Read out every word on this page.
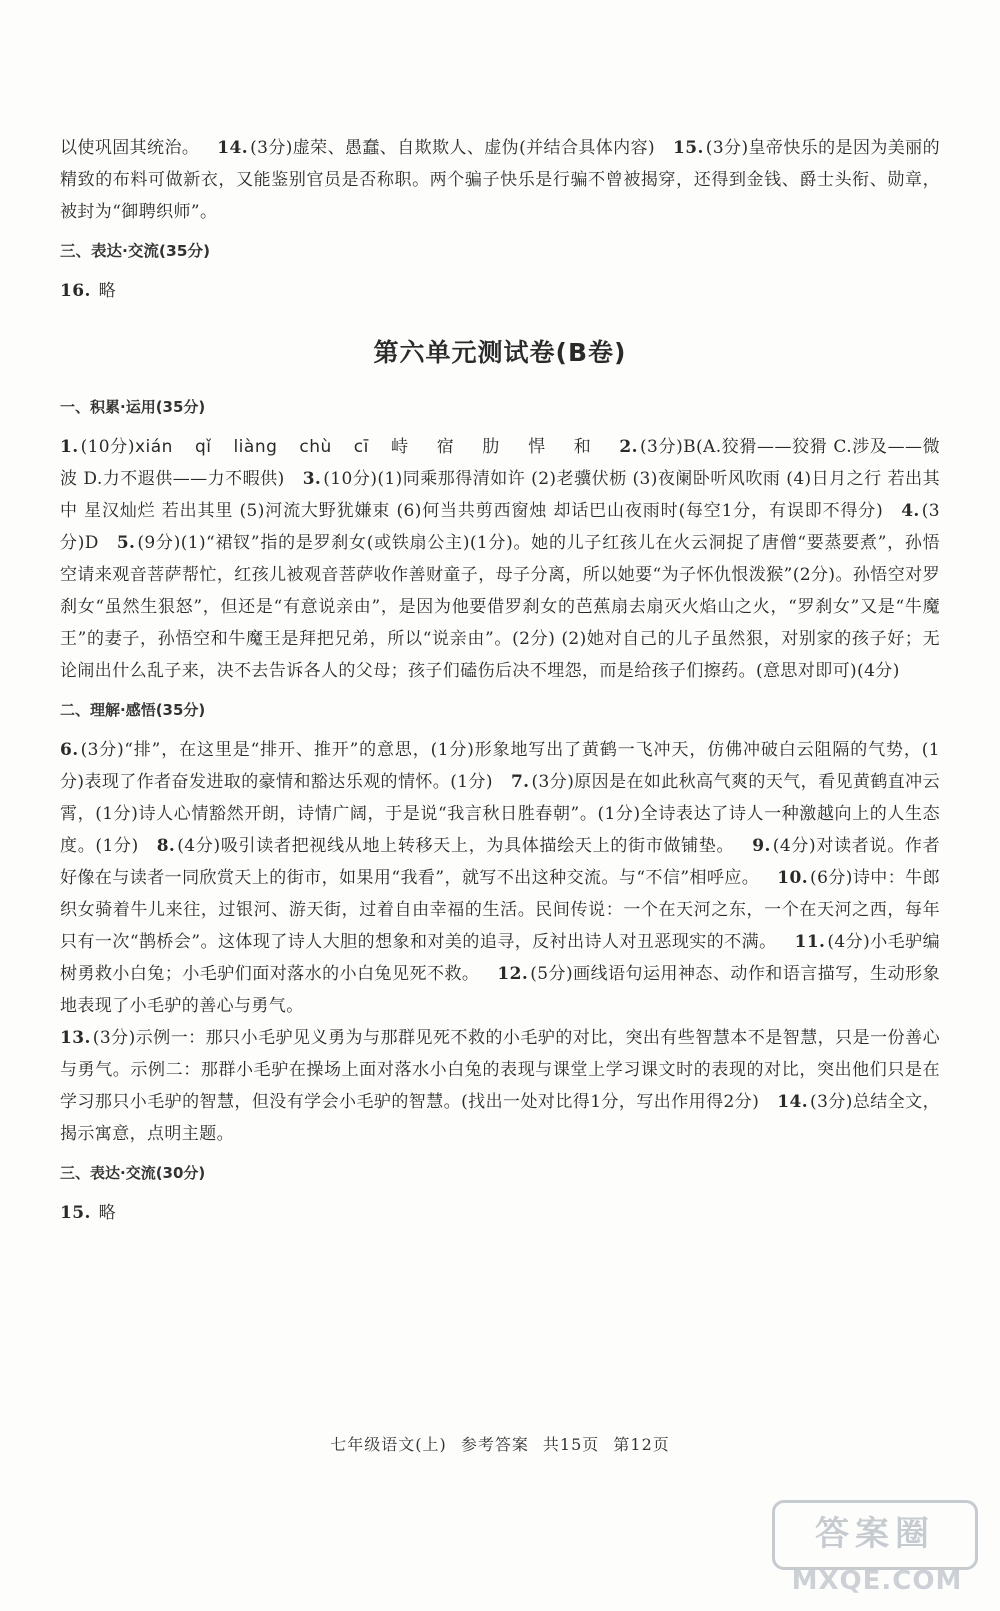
以使巩固其统治。 14. (3分)虚荣、愚蠢、自欺欺人、虚伪(并结合具体内容) 15. (3分)皇帝快乐的是因为美丽的精致的布料可做新衣，又能鉴别官员是否称职。两个骗子快乐是行骗不曾被揭穿，还得到金钱、爵士头衔、勋章，被封为“御聘织师”。

三、表达·交流(35分)

16. 略

第六单元测试卷(B卷)
一、积累·运用(35分)

1. (10分)xián qǐ liàng chù cī 峙 宿 肋 悍 和 2. (3分)B(A.狡猾——狡猾 C.涉及——微波 D.力不遐供——力不暇供) 3. (10分)(1)同乘那得清如许 (2)老骥伏枥 (3)夜阑卧听风吹雨 (4)日月之行 若出其中 星汉灿烂 若出其里 (5)河流大野犹嫌束 (6)何当共剪西窗烛 却话巴山夜雨时(每空1分，有误即不得分) 4. (3分)D 5. (9分)(1)“裙钗”指的是罗刹女(或铁扇公主)(1分)。她的儿子红孩儿在火云洞捉了唐僧“要蒸要煮”，孙悟空请来观音菩萨帮忙，红孩儿被观音菩萨收作善财童子，母子分离，所以她要“为子怀仇恨泼猴”(2分)。孙悟空对罗刹女“虽然生狠怒”，但还是“有意说亲由”，是因为他要借罗刹女的芭蕉扇去扇灭火焰山之火，“罗刹女”又是“牛魔王”的妻子，孙悟空和牛魔王是拜把兄弟，所以“说亲由”。(2分) (2)她对自己的儿子虽然狠，对别家的孩子好；无论闹出什么乱子来，决不去告诉各人的父母；孩子们磕伤后决不埋怨，而是给孩子们擦药。(意思对即可)(4分)

二、理解·感悟(35分)

6. (3分)“排”，在这里是“排开、推开”的意思，(1分)形象地写出了黄鹤一飞冲天，仿佛冲破白云阻隔的气势，(1分)表现了作者奋发进取的豪情和豁达乐观的情怀。(1分) 7. (3分)原因是在如此秋高气爽的天气，看见黄鹤直冲云霄，(1分)诗人心情豁然开朗，诗情广阔，于是说“我言秋日胜春朝”。(1分)全诗表达了诗人一种激越向上的人生态度。(1分) 8. (4分)吸引读者把视线从地上转移天上，为具体描绘天上的街市做铺垫。 9. (4分)对读者说。作者好像在与读者一同欣赏天上的街市，如果用“我看”，就写不出这种交流。与“不信”相呼应。 10. (6分)诗中：牛郎织女骑着牛儿来往，过银河、游天街，过着自由幸福的生活。民间传说：一个在天河之东，一个在天河之西，每年只有一次“鹊桥会”。这体现了诗人大胆的想象和对美的追寻，反衬出诗人对丑恶现实的不满。 11. (4分)小毛驴编树勇救小白兔；小毛驴们面对落水的小白兔见死不救。 12. (5分)画线语句运用神态、动作和语言描写，生动形象地表现了小毛驴的善心与勇气。

13. (3分)示例一：那只小毛驴见义勇为与那群见死不救的小毛驴的对比，突出有些智慧本不是智慧，只是一份善心与勇气。示例二：那群小毛驴在操场上面对落水小白兔的表现与课堂上学习课文时的表现的对比，突出他们只是在学习那只小毛驴的智慧，但没有学会小毛驴的智慧。(找出一处对比得1分，写出作用得2分) 14. (3分)总结全文，揭示寓意，点明主题。

三、表达·交流(30分)

15. 略

七年级语文(上) 参考答案 共15页 第12页
答案圈
MXQE.COM
